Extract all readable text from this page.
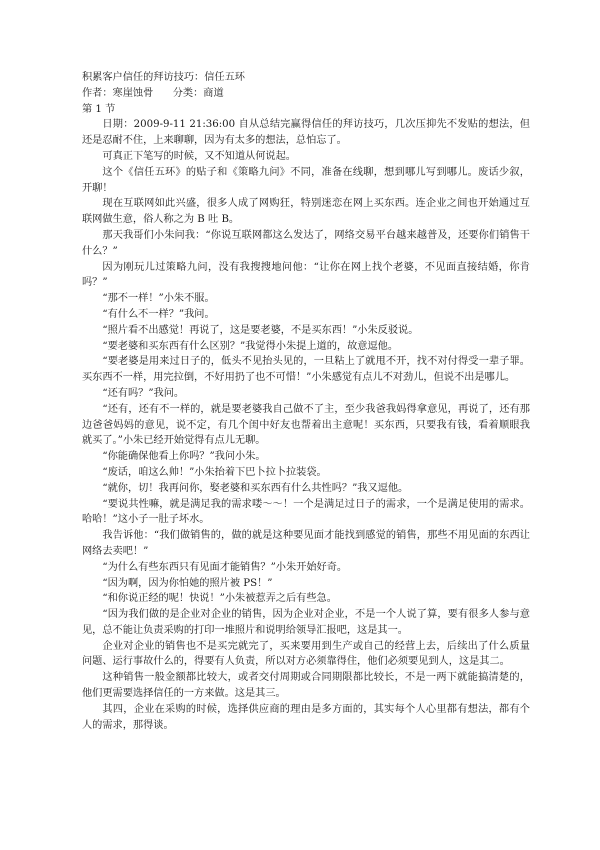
积累客户信任的拜访技巧：信任五环

作者：寒崖蚀骨      分类：商道

第 1 节

日期：2009-9-11 21:36:00 自从总结完赢得信任的拜访技巧，几次压抑先不发贴的想法，但还是忍耐不住，上来聊聊，因为有太多的想法，总怕忘了。

可真正下笔写的时候，又不知道从何说起。

这个《信任五环》的贴子和《策略九问》不同，准备在线聊，想到哪儿写到哪儿。废话少叙，开聊！

现在互联网如此兴盛，很多人成了网购狂，特别迷恋在网上买东西。连企业之间也开始通过互联网做生意，俗人称之为 B 吐 B。

那天我哥们小朱问我：“你说互联网都这么发达了，网络交易平台越来越普及，还要你们销售干什么？”

因为刚玩儿过策略九问，没有我搜搜地问他：“让你在网上找个老婆，不见面直接结婚，你肯吗？”

“那不一样！”小朱不服。

“有什么不一样？”我问。

“照片看不出感觉！再说了，这是要老婆，不是买东西！”小朱反驳说。

“要老婆和买东西有什么区别？”我觉得小朱提上道的，故意逗他。

“要老婆是用来过日子的，低头不见抬头见的，一旦粘上了就甩不开，找不对付得受一辈子罪。买东西不一样，用完拉倒，不好用扔了也不可惜！”小朱感觉有点儿不对劲儿，但说不出是哪儿。

“还有吗？”我问。

“还有，还有不一样的，就是要老婆我自己做不了主，至少我爸我妈得拿意见，再说了，还有那边爸爸妈妈的意见，说不定，有几个闺中好友也帮着出主意呢！买东西，只要我有钱，看着顺眼我就买了。”小朱已经开始觉得有点儿无聊。

“你能确保他看上你吗？”我问小朱。

“废话，咱这么帅！”小朱抬着下巴卜拉卜拉装袋。

“就你，切！我再问你，娶老婆和买东西有什么共性吗？”我又逗他。

“要说共性嘛，就是满足我的需求喽～～！一个是满足过日子的需求，一个是满足使用的需求。哈哈！”这小子一肚子坏水。

我告诉他：“我们做销售的，做的就是这种要见面才能找到感觉的销售，那些不用见面的东西让网络去卖吧！”

“为什么有些东西只有见面才能销售？”小朱开始好奇。

“因为啊，因为你怕她的照片被 PS！”

“和你说正经的呢！快说！”小朱被惹弄之后有些急。

“因为我们做的是企业对企业的销售，因为企业对企业，不是一个人说了算，要有很多人参与意见，总不能让负责采购的打印一堆照片和说明给领导汇报吧，这是其一。

企业对企业的销售也不是买完就完了，买来要用到生产或自己的经营上去，后续出了什么质量问题、运行事故什么的，得要有人负责，所以对方必须靠得住，他们必须要见到人，这是其二。

这种销售一般金额都比较大，或者交付周期或合同期限都比较长，不是一两下就能搞清楚的，他们更需要选择信任的一方来做。这是其三。

其四，企业在采购的时候，选择供应商的理由是多方面的，其实每个人心里都有想法，都有个人的需求，那得谈。
